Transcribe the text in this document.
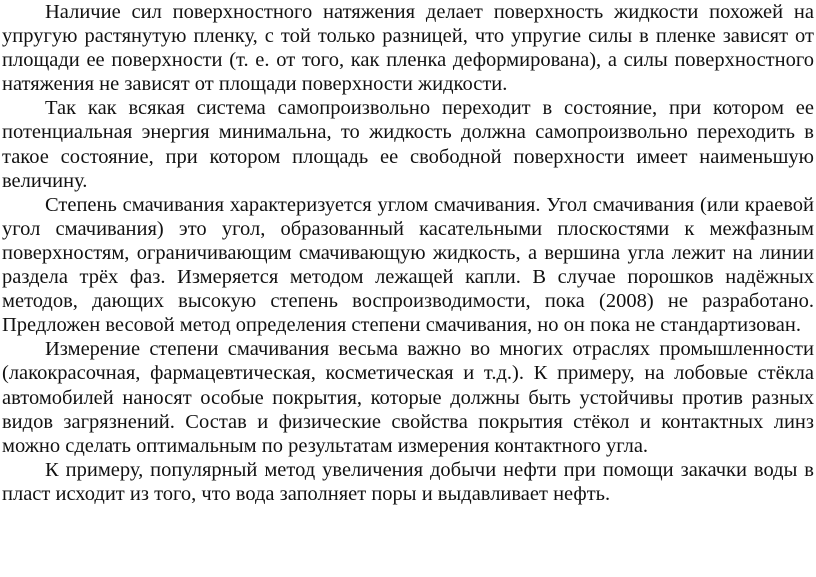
Наличие сил поверхностного натяжения делает поверхность жидкости похожей на упругую растянутую пленку, с той только разницей, что упругие силы в пленке зависят от площади ее поверхности (т. е. от того, как пленка деформирована), а силы поверхностного натяжения не зависят от площади поверхности жидкости.

Так как всякая система самопроизвольно переходит в состояние, при котором ее потенциальная энергия минимальна, то жидкость должна самопроизвольно переходить в такое состояние, при котором площадь ее свободной поверхности имеет наименьшую величину.

Степень смачивания характеризуется углом смачивания. Угол смачивания (или краевой угол смачивания) это угол, образованный касательными плоскостями к межфазным поверхностям, ограничивающим смачивающую жидкость, а вершина угла лежит на линии раздела трёх фаз. Измеряется методом лежащей капли. В случае порошков надёжных методов, дающих высокую степень воспроизводимости, пока (2008) не разработано. Предложен весовой метод определения степени смачивания, но он пока не стандартизован.

Измерение степени смачивания весьма важно во многих отраслях промышленности (лакокрасочная, фармацевтическая, косметическая и т.д.). К примеру, на лобовые стёкла автомобилей наносят особые покрытия, которые должны быть устойчивы против разных видов загрязнений. Состав и физические свойства покрытия стёкол и контактных линз можно сделать оптимальным по результатам измерения контактного угла.

К примеру, популярный метод увеличения добычи нефти при помощи закачки воды в пласт исходит из того, что вода заполняет поры и выдавливает нефть.
